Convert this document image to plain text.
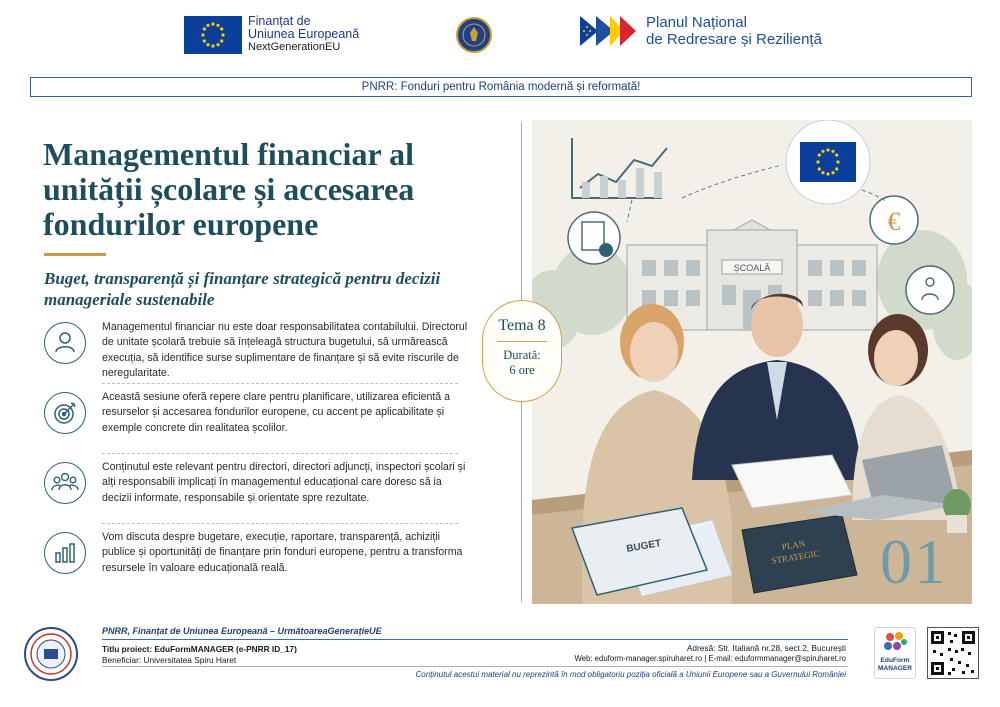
Finanțat de
Uniunea Europeană
NextGenerationEU
Planul Național
de Redresare și Reziliență
PNRR: Fonduri pentru România modernă și reformată!
Managementul financiar al unității școlare și accesarea fondurilor europene
Buget, transparență și finanțare strategică pentru decizii manageriale sustenabile
Managementul financiar nu este doar responsabilitatea contabilului. Directorul de unitate școlară trebuie să înțeleagă structura bugetului, să urmărească execuția, să identifice surse suplimentare de finanțare și să evite riscurile de neregularitate.
Această sesiune oferă repere clare pentru planificare, utilizarea eficientă a resurselor și accesarea fondurilor europene, cu accent pe aplicabilitate și exemple concrete din realitatea școlilor.
Conținutul este relevant pentru directori, directori adjuncți, inspectori școlari și alți responsabili implicați în managementul educațional care doresc să ia decizii informate, responsabile și orientate spre rezultate.
Vom discuta despre bugetare, execuție, raportare, transparență, achiziții publice și oportunități de finanțare prin fonduri europene, pentru a transforma resursele în valoare educațională reală.
ȘCOALĂ
€
BUGET	PLAN
STRATEGIC 01
Tema 8
Durată:
6 ore
PNRR, Finanțat de Uniunea Europeană – UrmătoareaGenerațieUE
Titlu proiect: EduFormMANAGER (e-PNRR ID_17)
Beneficiar: Universitatea Spiru Haret
Adresă: Str. Italiană nr.28, sect.2, București
Web: eduform-manager.spiruharet.ro | E-mail: eduformmanager@spiruharet.ro
Conținutul acestui material nu reprezintă în mod obligatoriu poziția oficială a Uniunii Europene sau a Guvernului României
EduForm
MANAGER
